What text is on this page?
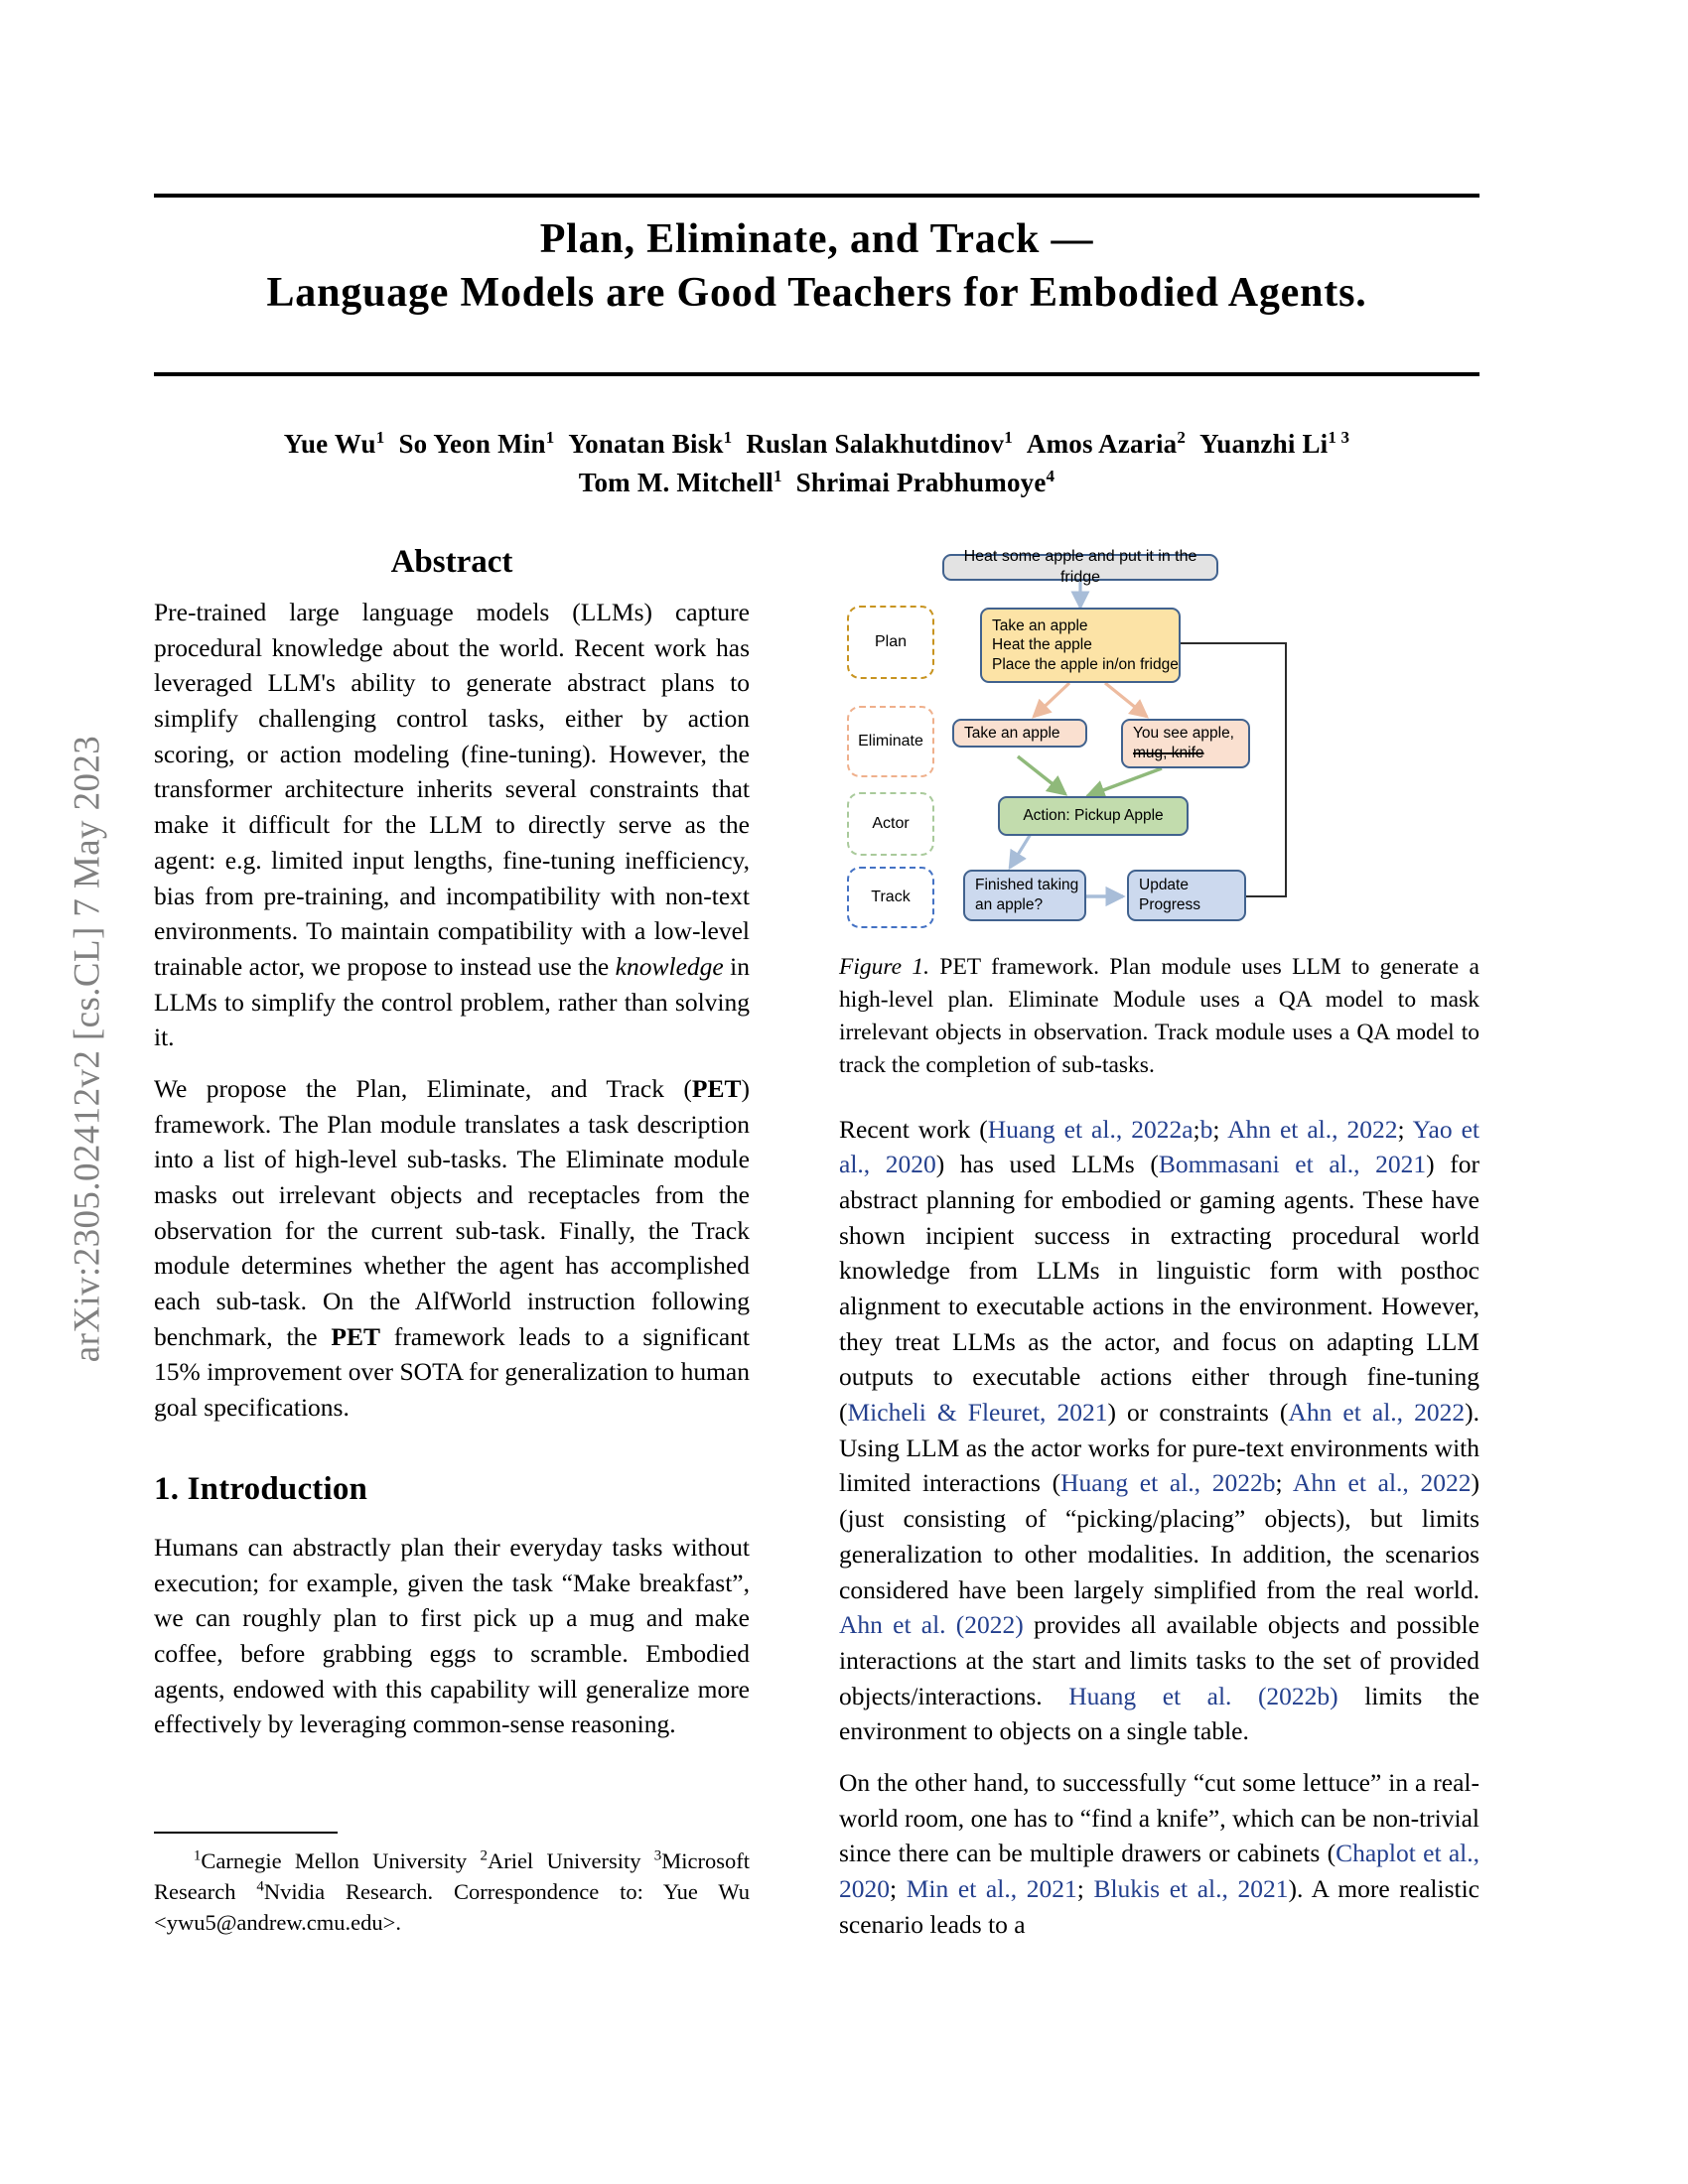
arXiv:2305.02412v2 [cs.CL] 7 May 2023
Plan, Eliminate, and Track —
Language Models are Good Teachers for Embodied Agents.
Yue Wu$^1$ So Yeon Min$^1$ Yonatan Bisk$^1$ Ruslan Salakhutdinov$^1$ Amos Azaria$^2$ Yuanzhi $Li^{1 3}$
Tom M. Mitchell$^1$ Shrimai Prabhumoye$^4$
Abstract

Pre-trained large language models (LLMs) capture procedural knowledge about the world. Recent work has leveraged LLM's ability to generate abstract plans to simplify challenging control tasks, either by action scoring, or action modeling (fine-tuning). However, the transformer architecture inherits several constraints that make it difficult for the LLM to directly serve as the agent: e.g. limited input lengths, fine-tuning inefficiency, bias from pre-training, and incompatibility with non-text environments. To maintain compatibility with a low-level trainable actor, we propose to instead use the knowledge in LLMs to simplify the control problem, rather than solving it.

We propose the Plan, Eliminate, and Track (PET) framework. The Plan module translates a task description into a list of high-level sub-tasks. The Eliminate module masks out irrelevant objects and receptacles from the observation for the current sub-task. Finally, the Track module determines whether the agent has accomplished each sub-task. On the AlfWorld instruction following benchmark, the PET framework leads to a significant 15% improvement over SOTA for generalization to human goal specifications.

1. Introduction

Humans can abstractly plan their everyday tasks without execution; for example, given the task “Make breakfast”, we can roughly plan to first pick up a mug and make coffee, before grabbing eggs to scramble. Embodied agents, endowed with this capability will generalize more effectively by leveraging common-sense reasoning.

$^1$Carnegie Mellon University $^2$Ariel University $^3$Microsoft Research $^4$Nvidia Research. Correspondence to: Yue Wu <ywu5@andrew.cmu.edu>.

Plan
Eliminate
Actor
Track
Heat some apple and put it in the fridge
Take an apple
Heat the apple
Place the apple in/on fridge
Take an apple	You see apple,
mug, knife
Action: Pickup Apple
Finished taking
an apple?
Update
Progress

Figure 1. PET framework. Plan module uses LLM to generate a high-level plan. Eliminate Module uses a QA model to mask irrelevant objects in observation. Track module uses a QA model to track the completion of sub-tasks.

Recent work (Huang et al., 2022a;b; Ahn et al., 2022; Yao et al., 2020) has used LLMs (Bommasani et al., 2021) for abstract planning for embodied or gaming agents. These have shown incipient success in extracting procedural world knowledge from LLMs in linguistic form with posthoc alignment to executable actions in the environment. However, they treat LLMs as the actor, and focus on adapting LLM outputs to executable actions either through fine-tuning (Micheli & Fleuret, 2021) or constraints (Ahn et al., 2022). Using LLM as the actor works for pure-text environments with limited interactions (Huang et al., 2022b; Ahn et al., 2022) (just consisting of “picking/placing” objects), but limits generalization to other modalities. In addition, the scenarios considered have been largely simplified from the real world. Ahn et al. (2022) provides all available objects and possible interactions at the start and limits tasks to the set of provided objects/interactions. Huang et al. (2022b) limits the environment to objects on a single table.

On the other hand, to successfully “cut some lettuce” in a real-world room, one has to “find a knife”, which can be non-trivial since there can be multiple drawers or cabinets (Chaplot et al., 2020; Min et al., 2021; Blukis et al., 2021). A more realistic scenario leads to a
